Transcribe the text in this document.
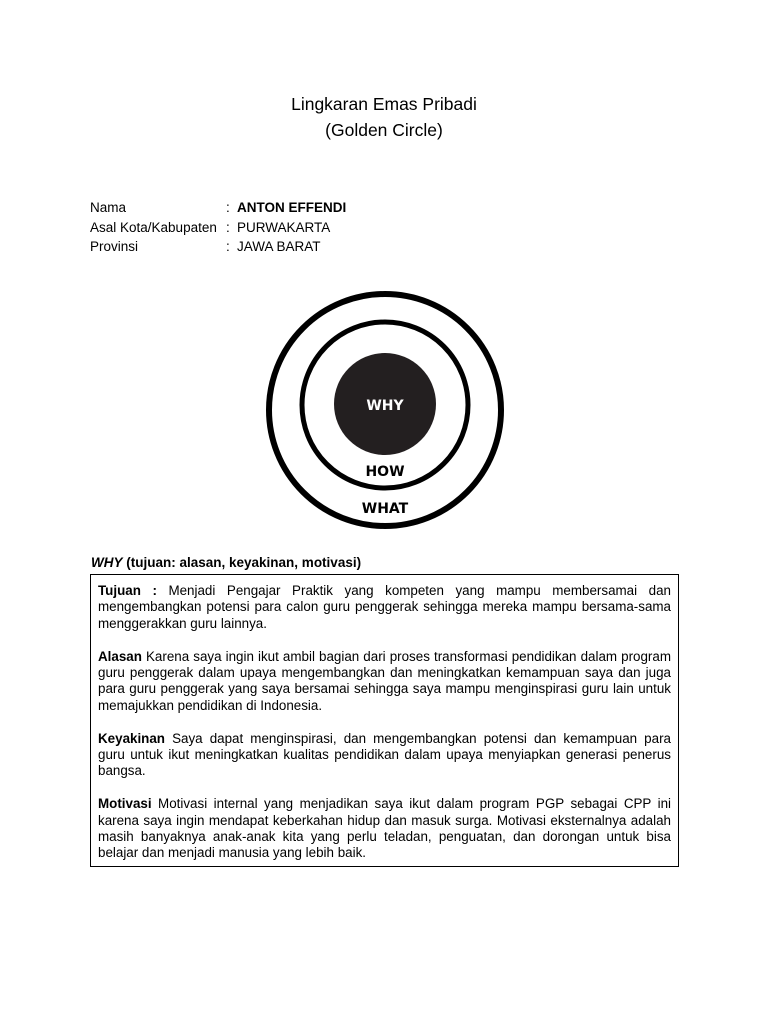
Lingkaran Emas Pribadi
(Golden Circle)
Nama	: ANTON EFFENDI
Asal Kota/Kabupaten : PURWAKARTA
Provinsi	: JAWA BARAT
WHY
HOW
WHAT
WHY (tujuan: alasan, keyakinan, motivasi)

Tujuan : Menjadi Pengajar Praktik yang kompeten yang mampu membersamai dan mengembangkan potensi para calon guru penggerak sehingga mereka mampu bersama-sama menggerakkan guru lainnya.

Alasan Karena saya ingin ikut ambil bagian dari proses transformasi pendidikan dalam program guru penggerak dalam upaya mengembangkan dan meningkatkan kemampuan saya dan juga para guru penggerak yang saya bersamai sehingga saya mampu menginspirasi guru lain untuk memajukkan pendidikan di Indonesia.

Keyakinan Saya dapat menginspirasi, dan mengembangkan potensi dan kemampuan para guru untuk ikut meningkatkan kualitas pendidikan dalam upaya menyiapkan generasi penerus bangsa.

Motivasi Motivasi internal yang menjadikan saya ikut dalam program PGP sebagai CPP ini karena saya ingin mendapat keberkahan hidup dan masuk surga. Motivasi eksternalnya adalah masih banyaknya anak-anak kita yang perlu teladan, penguatan, dan dorongan untuk bisa belajar dan menjadi manusia yang lebih baik.
